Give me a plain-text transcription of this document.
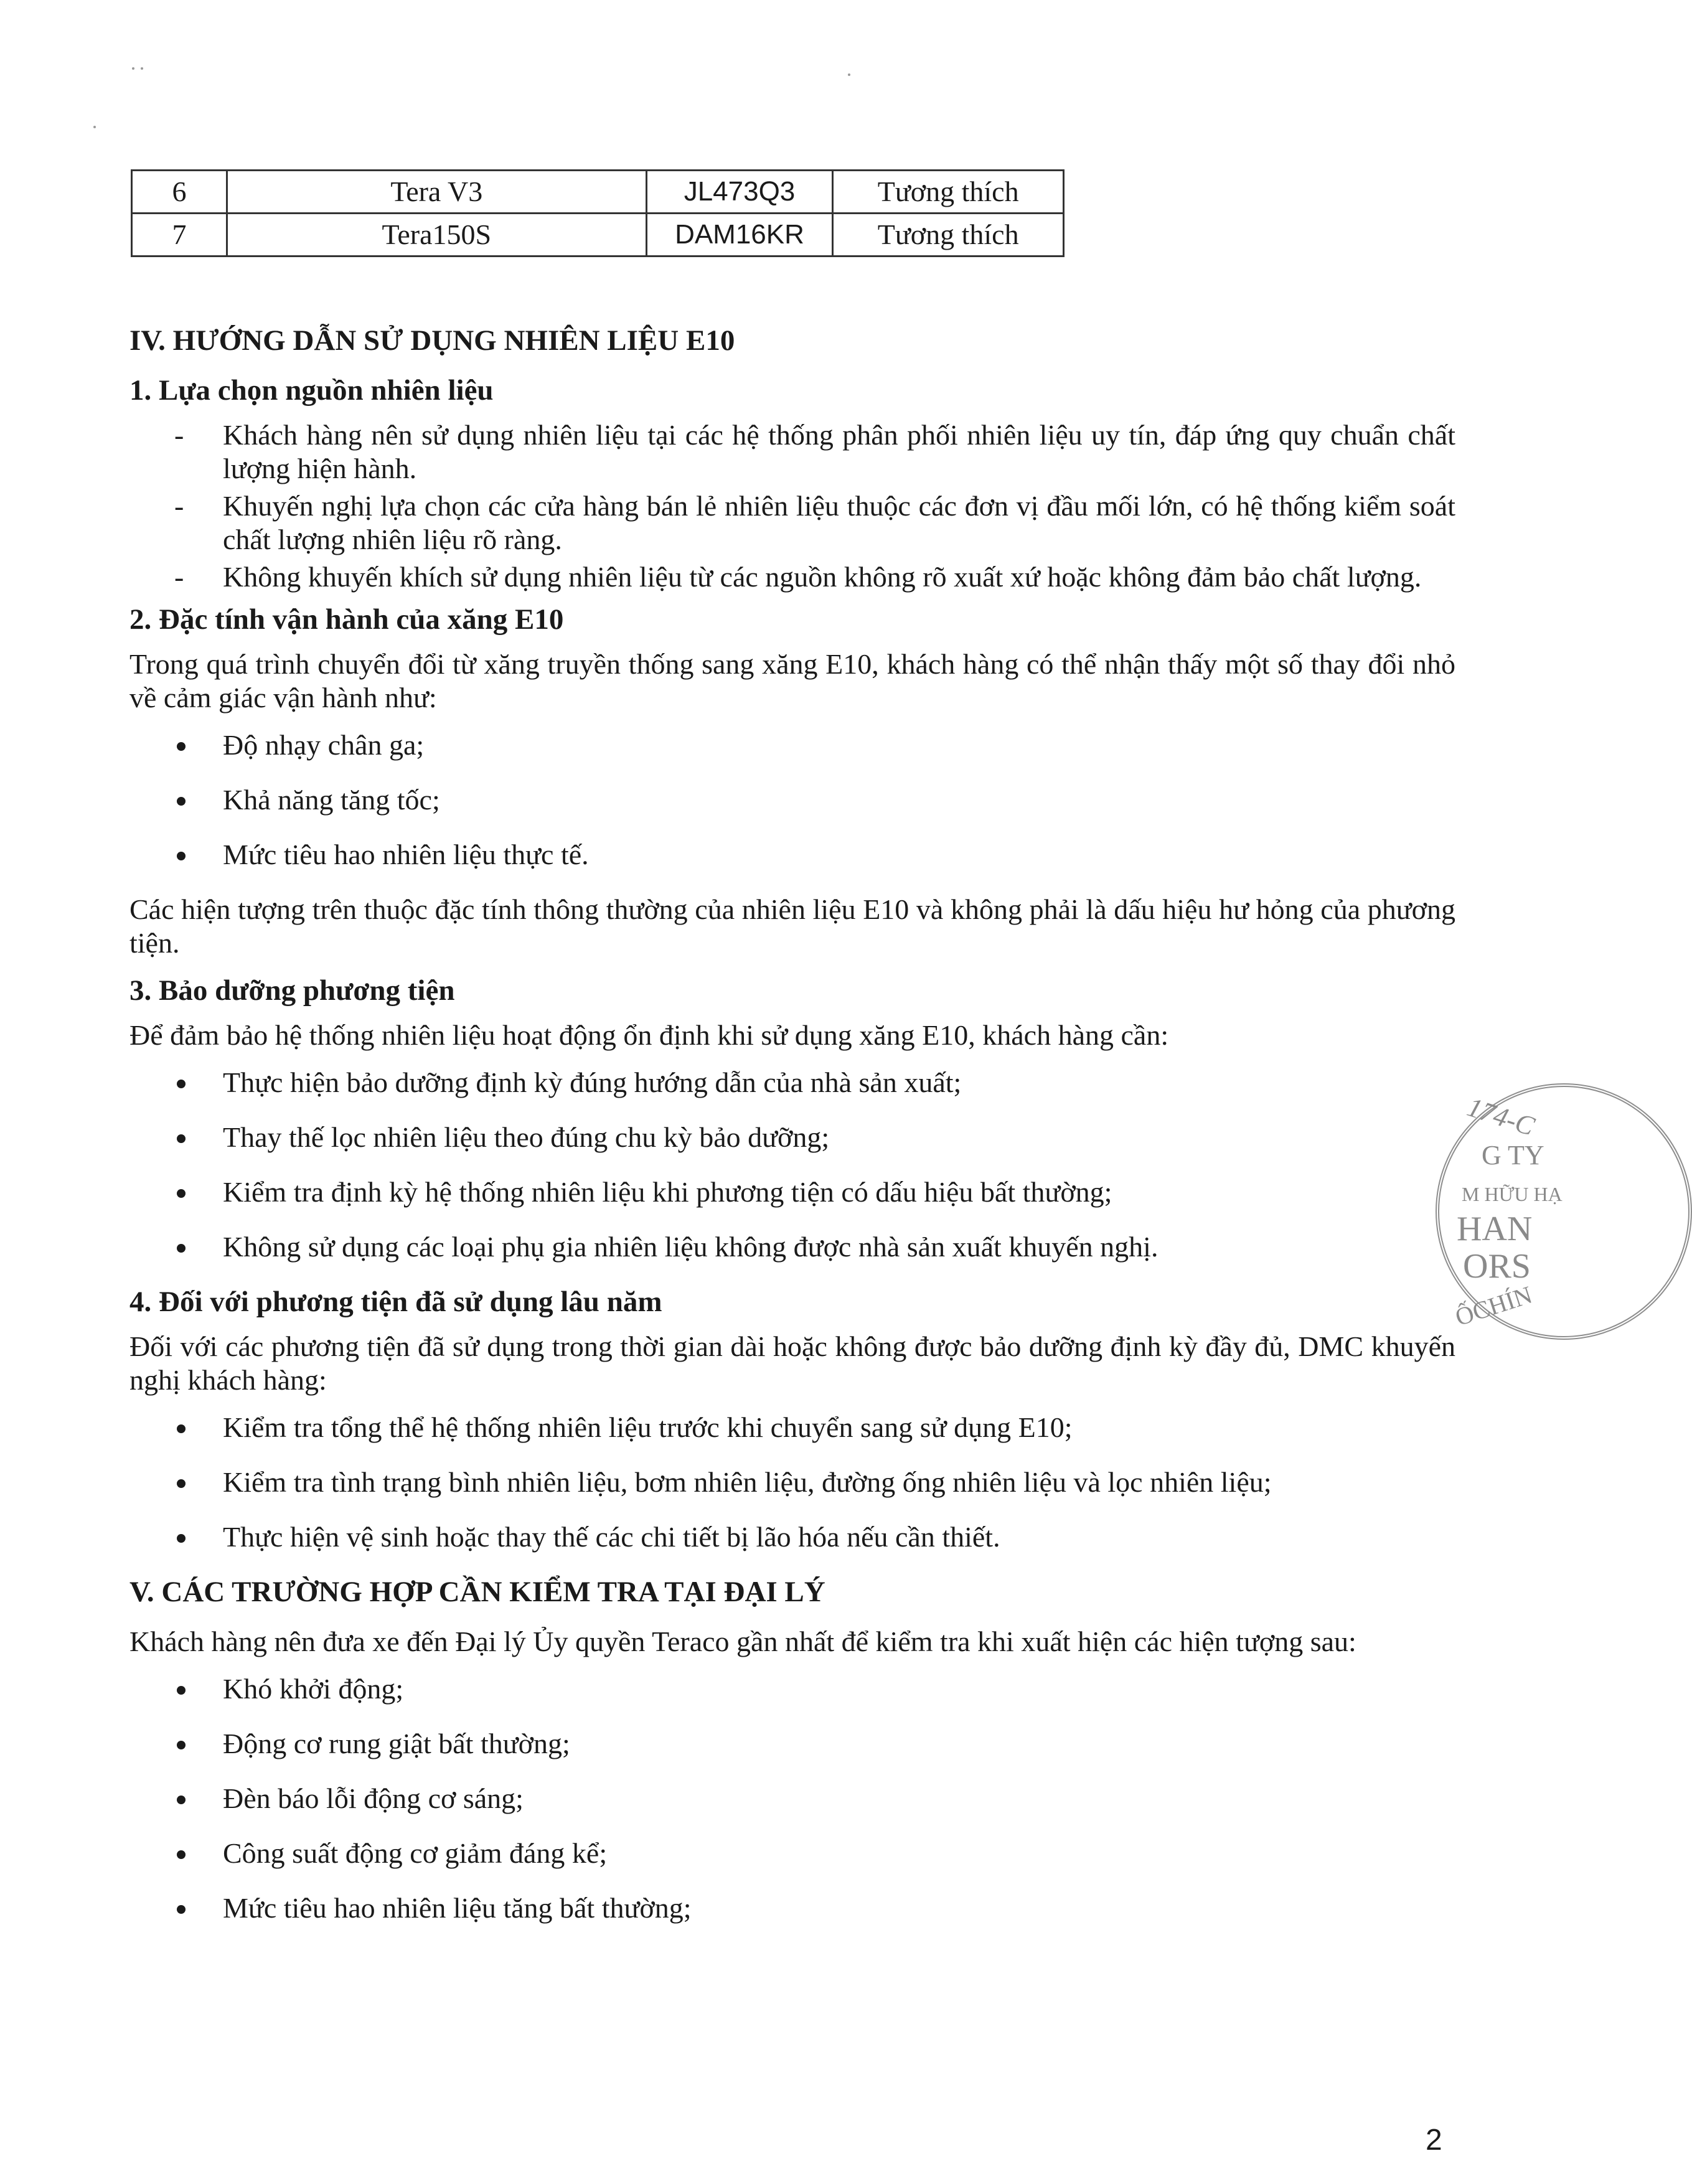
6	Tera V3	JL473Q3	Tương thích
7	Tera150S	DAM16KR	Tương thích
IV. HƯỚNG DẪN SỬ DỤNG NHIÊN LIỆU E10
1. Lựa chọn nguồn nhiên liệu
- Khách hàng nên sử dụng nhiên liệu tại các hệ thống phân phối nhiên liệu uy tín, đáp ứng quy chuẩn chất lượng hiện hành.
- Khuyến nghị lựa chọn các cửa hàng bán lẻ nhiên liệu thuộc các đơn vị đầu mối lớn, có hệ thống kiểm soát chất lượng nhiên liệu rõ ràng.
- Không khuyến khích sử dụng nhiên liệu từ các nguồn không rõ xuất xứ hoặc không đảm bảo chất lượng.
2. Đặc tính vận hành của xăng E10
Trong quá trình chuyển đổi từ xăng truyền thống sang xăng E10, khách hàng có thể nhận thấy một số thay đổi nhỏ về cảm giác vận hành như:
Độ nhạy chân ga;
Khả năng tăng tốc;
Mức tiêu hao nhiên liệu thực tế.
Các hiện tượng trên thuộc đặc tính thông thường của nhiên liệu E10 và không phải là dấu hiệu hư hỏng của phương tiện.
3. Bảo dưỡng phương tiện
Để đảm bảo hệ thống nhiên liệu hoạt động ổn định khi sử dụng xăng E10, khách hàng cần:
Thực hiện bảo dưỡng định kỳ đúng hướng dẫn của nhà sản xuất;
Thay thế lọc nhiên liệu theo đúng chu kỳ bảo dưỡng;
Kiểm tra định kỳ hệ thống nhiên liệu khi phương tiện có dấu hiệu bất thường;
Không sử dụng các loại phụ gia nhiên liệu không được nhà sản xuất khuyến nghị.
4. Đối với phương tiện đã sử dụng lâu năm
Đối với các phương tiện đã sử dụng trong thời gian dài hoặc không được bảo dưỡng định kỳ đầy đủ, DMC khuyến nghị khách hàng:
Kiểm tra tổng thể hệ thống nhiên liệu trước khi chuyển sang sử dụng E10;
Kiểm tra tình trạng bình nhiên liệu, bơm nhiên liệu, đường ống nhiên liệu và lọc nhiên liệu;
Thực hiện vệ sinh hoặc thay thế các chi tiết bị lão hóa nếu cần thiết.
V. CÁC TRƯỜNG HỢP CẦN KIỂM TRA TẠI ĐẠI LÝ
Khách hàng nên đưa xe đến Đại lý Ủy quyền Teraco gần nhất để kiểm tra khi xuất hiện các hiện tượng sau:
Khó khởi động;
Động cơ rung giật bất thường;
Đèn báo lỗi động cơ sáng;
Công suất động cơ giảm đáng kể;
Mức tiêu hao nhiên liệu tăng bất thường;
174-C
G TY
M HỮU HẠ
HAN
ORS
ỐCHÍN
2
